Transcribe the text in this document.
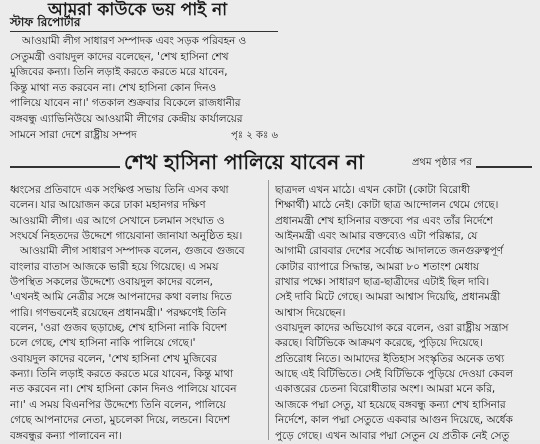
আমরা কাউকে ভয় পাই না
স্টাফ রিপোর্টার

আওয়ামী লীগ সাধারণ সম্পাদক এবং সড়ক পরিবহন ও

সেতুমন্ত্রী ওবায়দুল কাদের বলেছেন, 'শেখ হাসিনা শেখ

মুজিবের কন্যা। তিনি লড়াই করতে করতে মরে যাবেন,

কিন্তু মাথা নত করবেন না। শেখ হাসিনা কোন দিনও

পালিয়ে যাবেন না।' গতকাল শুক্রবার বিকেলে রাজধানীর

বঙ্গবন্ধু এ্যাভিনিউয়ে আওয়ামী লীগের কেন্দ্রীয় কার্যালয়ের

সামনে সারা দেশে রাষ্ট্রীয় সম্পদ	পৃঃ ২ কঃ ৬
শেখ হাসিনা পালিয়ে যাবেন না	প্রথম পৃষ্ঠার পর

ধ্বংসের প্রতিবাদে এক সংক্ষিপ্ত সভায় তিনি এসব কথা

বলেন। যার আয়োজন করে ঢাকা মহানগর দক্ষিণ

আওয়ামী লীগ। এর আগে সেখানে চলমান সংঘাত ও

সংঘর্ষে নিহতদের উদ্দেশে গায়েবানা জানাযা অনুষ্ঠিত হয়।

আওয়ামী লীগ সাধারণ সম্পাদক বলেন, গুজবে গুজবে

বাংলার বাতাস আজকে ভারী হয়ে গিয়েছে। এ সময়

উপস্থিত সকলের উদ্দেশ্যে ওবায়দুল কাদের বলেন,

'এখনই আমি নেত্রীর সঙ্গে আপনাদের কথা বলায় দিতে

পারি। গণভবনেই রয়েছেন প্রধানমন্ত্রী।' পরক্ষণেই তিনি

বলেন, 'ওরা গুজব ছড়াচ্ছে, শেখ হাসিনা নাকি বিদেশ

চলে গেছে, শেখ হাসিনা নাকি পালিয়ে গেছে।'

ওবায়দুল কাদের বলেন, 'শেখ হাসিনা শেখ মুজিবের

কন্যা। তিনি লড়াই করতে করতে মরে যাবেন, কিন্তু মাথা

নত করবেন না। শেখ হাসিনা কোন দিনও পালিয়ে যাবেন

না।' এ সময় বিএনপির উদ্দেশ্যে তিনি বলেন, পালিয়ে

গেছে আপনাদের নেতা, মুচলেকা দিয়ে, লন্ডনে। বিদেশ

বঙ্গবন্ধুর কন্যা পালাবেন না।

ছাত্রদল এখন মাঠে। এখন কোটা (কোটা বিরোধী

শিক্ষার্থী) মাঠে নেই। কোটা ছাত্র আন্দোলন থেমে গেছে।

প্রধানমন্ত্রী শেখ হাসিনার বক্তব্যে পর এবং তাঁর নির্দেশে

আইনমন্ত্রী এবং আমার বক্তব্যেও এটা পরিষ্কার, যে

আগামী রোববার দেশের সর্বোচ্চ আদালতে জনগুরুত্বপূর্ণ

কোটার ব্যাপারে সিদ্ধান্ত, আমরা ৮০ শতাংশ মেধায়

রাখার পক্ষে। সাধারণ ছাত্র-ছাত্রীদের এটাই ছিল দাবি।

সেই দাবি মিটে গেছে। আমরা আশ্বাস দিয়েছি, প্রধানমন্ত্রী

আশ্বাস দিয়েছেন।

ওবায়দুল কাদের অভিযোগ করে বলেন, ওরা রাষ্ট্রীয় সন্ত্রাস

করছে। বিটিভিকে আক্রমণ করেছে, পুড়িয়ে দিয়েছে।

প্রতিরোধ নিতে। আমাদের ইতিহাস সংস্কৃতির অনেক তথ্য

আছে এই বিটিভিতে। সেই বিটিভিকে পুড়িয়ে দেওয়া কেবল

একাত্তরের চেতনা বিরোধীতার অংশ। আমরা মনে করি,

আজকে পদ্মা সেতু, যা হয়েছে বঙ্গবন্ধু কন্যা শেখ হাসিনার

নির্দেশে, কাল পদ্মা সেতুতে একবার আগুন দিয়েছে, অর্ধেক

পুড়ে গেছে। এখন আবার পদ্মা সেতুন যে প্রতীক নেই সেতু
